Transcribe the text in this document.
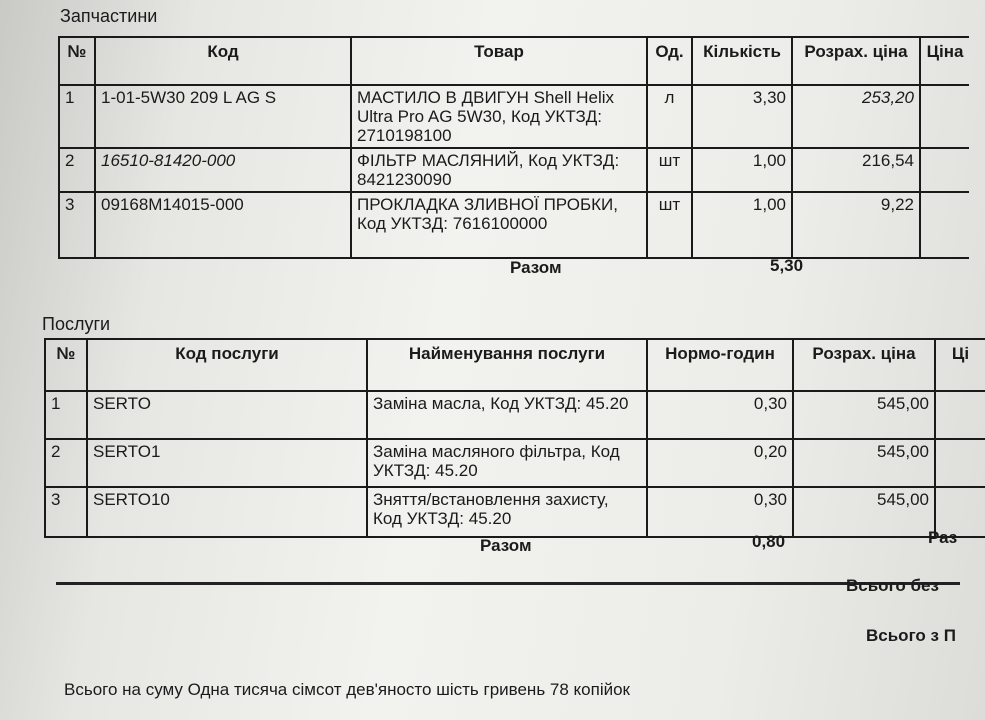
Запчастини
№	Код	Товар	Од.	Кількість	Розрах. ціна	Ціна
1	1-01-5W30 209 L AG S	МАСТИЛО В ДВИГУН Shell Helix Ultra Pro AG 5W30, Код УКТЗД: 2710198100	л	3,30	253,20	
2	16510-81420-000	ФІЛЬТР МАСЛЯНИЙ, Код УКТЗД: 8421230090	шт	1,00	216,54	
3	09168M14015-000	ПРОКЛАДКА ЗЛИВНОЇ ПРОБКИ, Код УКТЗД: 7616100000	шт	1,00	9,22	
Разом	5,30
Послуги
№	Код послуги	Найменування послуги	Нормо-годин	Розрах. ціна	Ці
1	SERTO	Заміна масла, Код УКТЗД: 45.20	0,30	545,00	
2	SERTO1	Заміна масляного фільтра, Код УКТЗД: 45.20	0,20	545,00	
3	SERTO10	Зняття/встановлення захисту, Код УКТЗД: 45.20	0,30	545,00	
Разом	0,80	Раз
Всього без
Всього з П
Всього на суму Одна тисяча сімсот дев'яносто шість гривень 78 копійок
